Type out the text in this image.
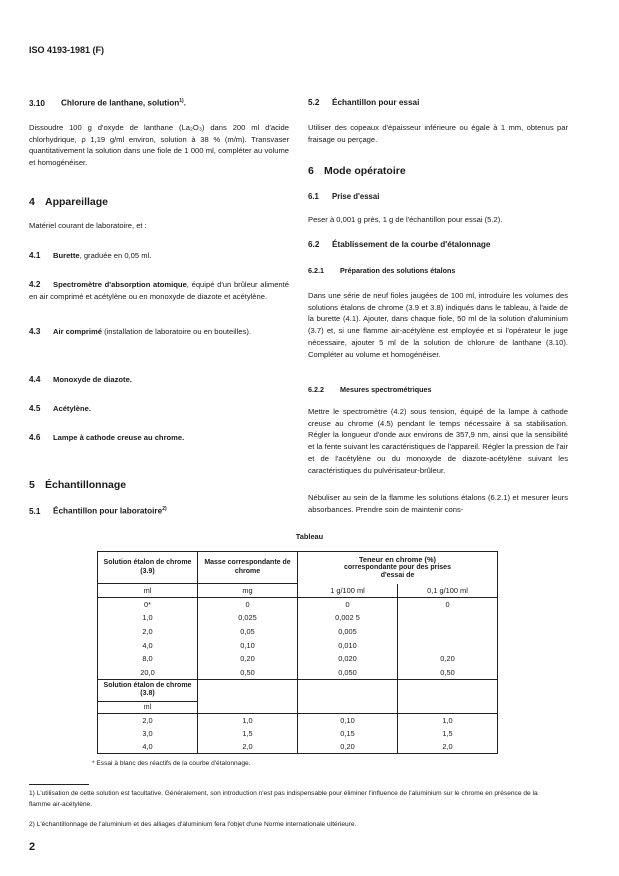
ISO 4193-1981 (F)
3.10 Chlorure de lanthane, solution$^{1)}$.

Dissoudre 100 g d'oxyde de lanthane (La₂O₃) dans 200 ml d'acide chlorhydrique, ρ 1,19 g/ml environ, solution à 38 % (m/m). Transvaser quantitativement la solution dans une fiole de 1 000 ml, compléter au volume et homogénéiser.

4 Appareillage

Matériel courant de laboratoire, et :

4.1 Burette, graduée en 0,05 ml.

4.2 Spectromètre d'absorption atomique, équipé d'un brûleur alimenté en air comprimé et acétylène ou en monoxyde de diazote et acétylène.

4.3 Air comprimé (installation de laboratoire ou en bouteilles).

4.4 Monoxyde de diazote.

4.5 Acétylène.

4.6 Lampe à cathode creuse au chrome.

5 Échantillonnage
5.1 Échantillon pour laboratoire$^{2)}$
5.2 Échantillon pour essai

Utiliser des copeaux d'épaisseur inférieure ou égale à 1 mm, obtenus par fraisage ou perçage.

6 Mode opératoire
6.1 Prise d'essai

Peser à 0,001 g près, 1 g de l'échantillon pour essai (5.2).

6.2 Établissement de la courbe d'étalonnage
6.2.1 Préparation des solutions étalons

Dans une série de neuf fioles jaugées de 100 ml, introduire les volumes des solutions étalons de chrome (3.9 et 3.8) indiqués dans le tableau, à l'aide de la burette (4.1). Ajouter, dans chaque fiole, 50 ml de la solution d'aluminium (3.7) et, si une flamme air-acétylène est employée et si l'opérateur le juge nécessaire, ajouter 5 ml de la solution de chlorure de lanthane (3.10). Compléter au volume et homogénéiser.

6.2.2 Mesures spectrométriques

Mettre le spectromètre (4.2) sous tension, équipé de la lampe à cathode creuse au chrome (4.5) pendant le temps nécessaire à sa stabilisation. Régler la longueur d'onde aux environs de 357,9 nm, ainsi que la sensibilité et la fente suivant les caractéristiques de l'appareil. Régler la pression de l'air et de l'acétylène ou du monoxyde de diazote-acétylène suivant les caractéristiques du pulvérisateur-brûleur.

Nébuliser au sein de la flamme les solutions étalons (6.2.1) et mesurer leurs absorbances. Prendre soin de maintenir cons-

Tableau
Solution étalon de chrome (3.9)	Masse correspondante de chrome	Teneur en chrome (%)
correspondante pour des prises d'essai de	

ml	mg	1 g/100 ml	0,1 g/100 ml
0*	0	0	0
1,0	0,025	0,002 5	
2,0	0,05	0,005	
4,0	0,10	0,010	
8,0	0,20	0,020	0,20
20,0	0,50	0,050	0,50
Solution étalon de chrome (3.8)			
ml			
2,0	1,0	0,10	1,0
3,0	1,5	0,15	1,5
4,0	2,0	0,20	2,0
* Essai à blanc des réactifs de la courbe d'étalonnage.

1) L'utilisation de cette solution est facultative. Généralement, son introduction n'est pas indispensable pour éliminer l'influence de l'aluminium sur le chrome en présence de la flamme air-acétylène.

2) L'échantillonnage de l'aluminium et des alliages d'aluminium fera l'objet d'une Norme internationale ultérieure.

2
